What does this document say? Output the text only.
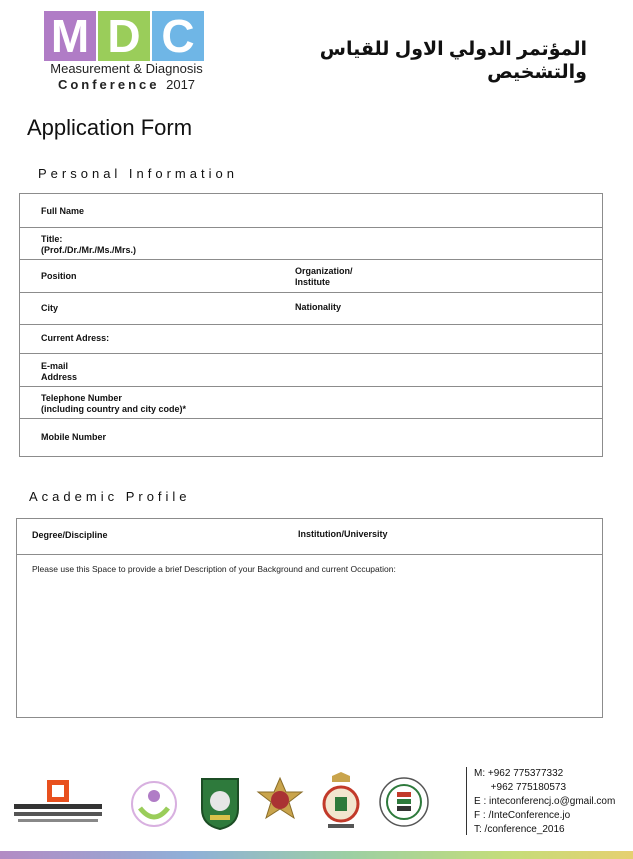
M D C
Measurement & Diagnosis
Conference 2017
المؤتمر الدولي الاول للقياس والتشخيص
Application Form
Personal Information
Full Name
Title:
(Prof./Dr./Mr./Ms./Mrs.)
Position	Organization/
Institute
City	Nationality
Current Adress:
E-mail
Address
Telephone Number
(including country and city code)*
Mobile Number
Academic Profile
Degree/Discipline	Institution/University
Please use this Space to provide a brief Description of your Background and current Occupation:
M: +962 775377332
+962 775180573
E : inteconferencj.o@gmail.com
F : /InteConference.jo
T: /conference_2016
